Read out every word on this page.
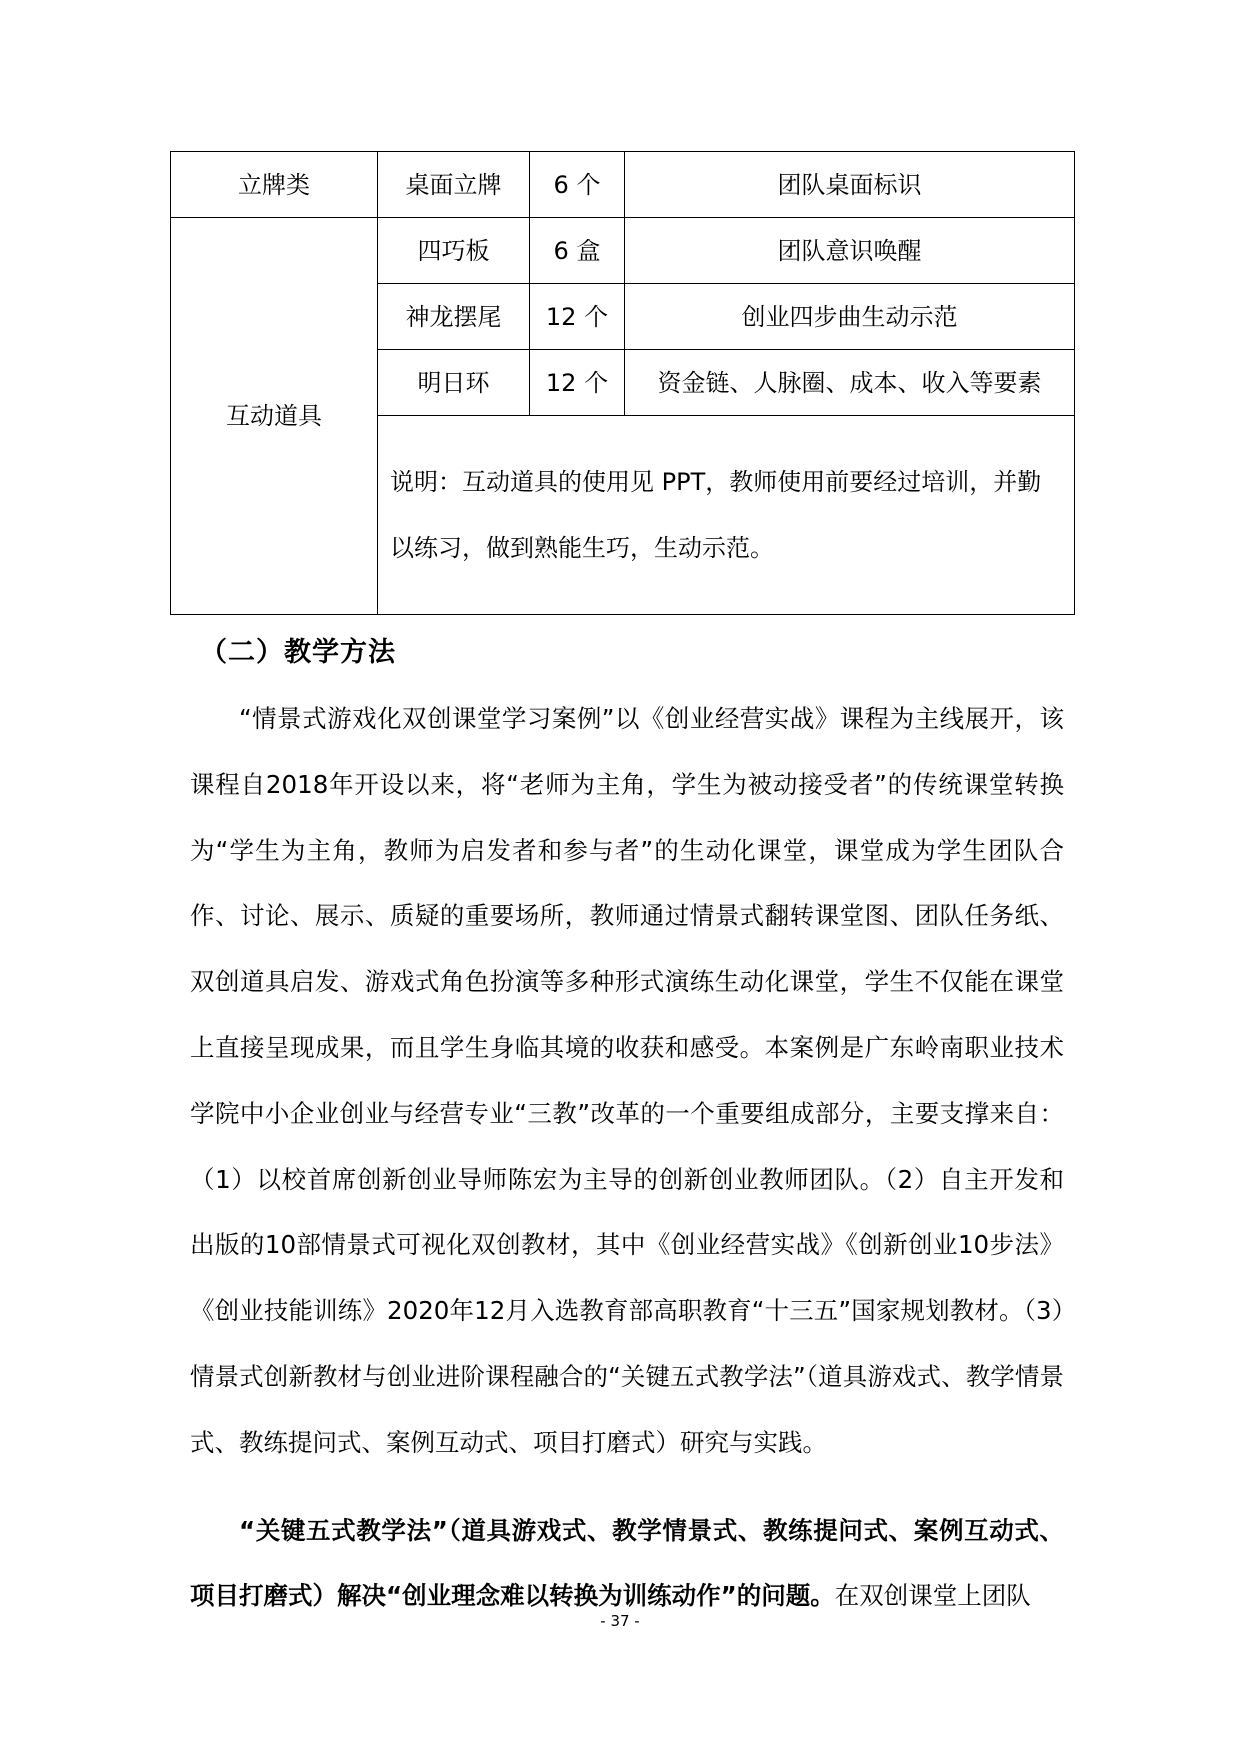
立牌类	桌面立牌	6 个	团队桌面标识
互动道具	四巧板	6 盒	团队意识唤醒
	神龙摆尾	12 个	创业四步曲生动示范
	明日环	12 个	资金链、人脉圈、成本、收入等要素
	说明：互动道具的使用见 PPT，教师使用前要经过培训，并勤以练习，做到熟能生巧，生动示范。		
（二）教学方法

“情景式游戏化双创课堂学习案例”以《创业经营实战》课程为主线展开，该课程自2018年开设以来，将“老师为主角，学生为被动接受者”的传统课堂转换为“学生为主角，教师为启发者和参与者”的生动化课堂，课堂成为学生团队合作、讨论、展示、质疑的重要场所，教师通过情景式翻转课堂图、团队任务纸、双创道具启发、游戏式角色扮演等多种形式演练生动化课堂，学生不仅能在课堂上直接呈现成果，而且学生身临其境的收获和感受。本案例是广东岭南职业技术学院中小企业创业与经营专业“三教”改革的一个重要组成部分，主要支撑来自：（1）以校首席创新创业导师陈宏为主导的创新创业教师团队。（2）自主开发和出版的10部情景式可视化双创教材，其中《创业经营实战》《创新创业10步法》《创业技能训练》2020年12月入选教育部高职教育“十三五”国家规划教材。（3）情景式创新教材与创业进阶课程融合的“关键五式教学法”（道具游戏式、教学情景式、教练提问式、案例互动式、项目打磨式）研究与实践。

“关键五式教学法”（道具游戏式、教学情景式、教练提问式、案例互动式、项目打磨式）解决“创业理念难以转换为训练动作”的问题。在双创课堂上团队

- 37 -
